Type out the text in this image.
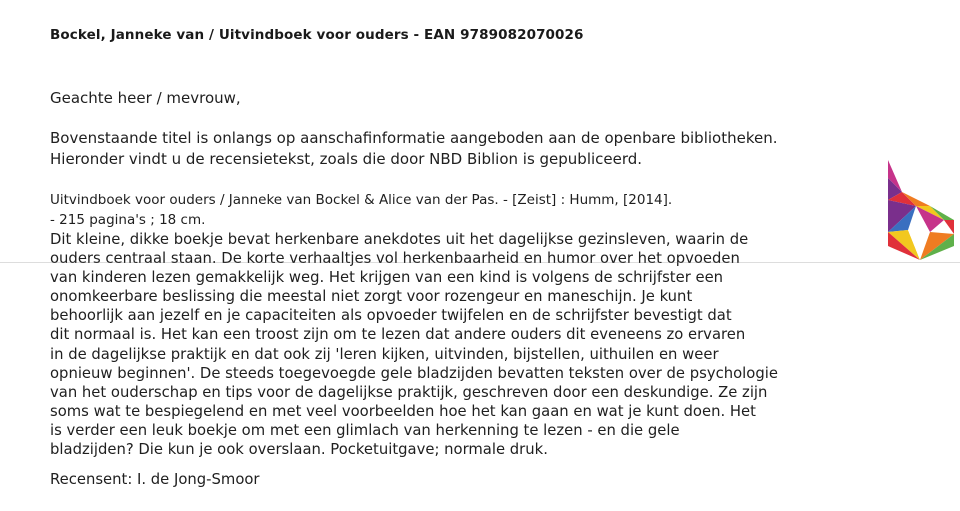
Bockel, Janneke van / Uitvindboek voor ouders - EAN 9789082070026
Geachte heer / mevrouw,
Bovenstaande titel is onlangs op aanschafinformatie aangeboden aan de openbare bibliotheken.
Hieronder vindt u de recensietekst, zoals die door NBD Biblion is gepubliceerd.
Uitvindboek voor ouders / Janneke van Bockel & Alice van der Pas. - [Zeist] : Humm, [2014].
- 215 pagina's ; 18 cm.
Dit kleine, dikke boekje bevat herkenbare anekdotes uit het dagelijkse gezinsleven, waarin de
ouders centraal staan. De korte verhaaltjes vol herkenbaarheid en humor over het opvoeden
van kinderen lezen gemakkelijk weg. Het krijgen van een kind is volgens de schrijfster een
onomkeerbare beslissing die meestal niet zorgt voor rozengeur en maneschijn. Je kunt
behoorlijk aan jezelf en je capaciteiten als opvoeder twijfelen en de schrijfster bevestigt dat
dit normaal is. Het kan een troost zijn om te lezen dat andere ouders dit eveneens zo ervaren
in de dagelijkse praktijk en dat ook zij 'leren kijken, uitvinden, bijstellen, uithuilen en weer
opnieuw beginnen'. De steeds toegevoegde gele bladzijden bevatten teksten over de psychologie
van het ouderschap en tips voor de dagelijkse praktijk, geschreven door een deskundige. Ze zijn
soms wat te bespiegelend en met veel voorbeelden hoe het kan gaan en wat je kunt doen. Het
is verder een leuk boekje om met een glimlach van herkenning te lezen - en die gele
bladzijden? Die kun je ook overslaan. Pocketuitgave; normale druk.
Recensent: I. de Jong-Smoor
